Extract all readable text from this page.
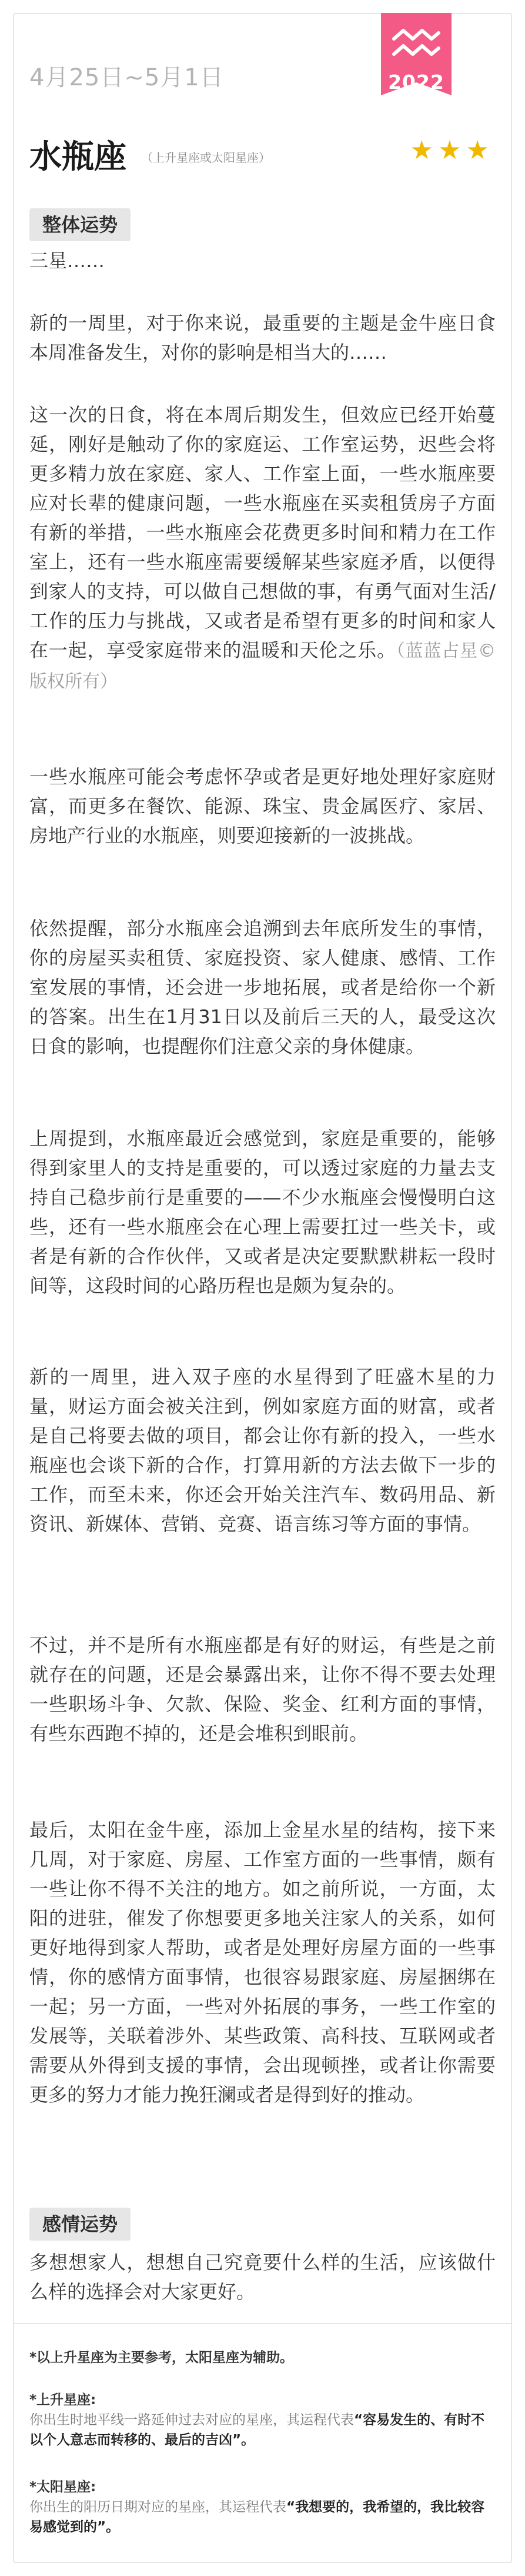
2022
4月25日~5月1日
水瓶座 （上升星座或太阳星座）	★★★
整体运势
三星……
新的一周里，对于你来说，最重要的主题是金牛座日食本周准备发生，对你的影响是相当大的……
这一次的日食，将在本周后期发生，但效应已经开始蔓延，刚好是触动了你的家庭运、工作室运势，迟些会将更多精力放在家庭、家人、工作室上面，一些水瓶座要应对长辈的健康问题，一些水瓶座在买卖租赁房子方面有新的举措，一些水瓶座会花费更多时间和精力在工作室上，还有一些水瓶座需要缓解某些家庭矛盾，以便得到家人的支持，可以做自己想做的事，有勇气面对生活/工作的压力与挑战，又或者是希望有更多的时间和家人在一起，享受家庭带来的温暖和天伦之乐。（蓝蓝占星©版权所有）
一些水瓶座可能会考虑怀孕或者是更好地处理好家庭财富，而更多在餐饮、能源、珠宝、贵金属医疗、家居、房地产行业的水瓶座，则要迎接新的一波挑战。
依然提醒，部分水瓶座会追溯到去年底所发生的事情，你的房屋买卖租赁、家庭投资、家人健康、感情、工作室发展的事情，还会进一步地拓展，或者是给你一个新的答案。出生在1月31日以及前后三天的人，最受这次日食的影响，也提醒你们注意父亲的身体健康。
上周提到，水瓶座最近会感觉到，家庭是重要的，能够得到家里人的支持是重要的，可以透过家庭的力量去支持自己稳步前行是重要的——不少水瓶座会慢慢明白这些，还有一些水瓶座会在心理上需要扛过一些关卡，或者是有新的合作伙伴，又或者是决定要默默耕耘一段时间等，这段时间的心路历程也是颇为复杂的。
新的一周里，进入双子座的水星得到了旺盛木星的力量，财运方面会被关注到，例如家庭方面的财富，或者是自己将要去做的项目，都会让你有新的投入，一些水瓶座也会谈下新的合作，打算用新的方法去做下一步的工作，而至未来，你还会开始关注汽车、数码用品、新资讯、新媒体、营销、竞赛、语言练习等方面的事情。
不过，并不是所有水瓶座都是有好的财运，有些是之前就存在的问题，还是会暴露出来，让你不得不要去处理一些职场斗争、欠款、保险、奖金、红利方面的事情，有些东西跑不掉的，还是会堆积到眼前。
最后，太阳在金牛座，添加上金星水星的结构，接下来几周，对于家庭、房屋、工作室方面的一些事情，颇有一些让你不得不关注的地方。如之前所说，一方面，太阳的进驻，催发了你想要更多地关注家人的关系，如何更好地得到家人帮助，或者是处理好房屋方面的一些事情，你的感情方面事情，也很容易跟家庭、房屋捆绑在一起；另一方面，一些对外拓展的事务，一些工作室的发展等，关联着涉外、某些政策、高科技、互联网或者需要从外得到支援的事情，会出现顿挫，或者让你需要更多的努力才能力挽狂澜或者是得到好的推动。
感情运势
多想想家人，想想自己究竟要什么样的生活，应该做什么样的选择会对大家更好。
*以上升星座为主要参考，太阳星座为辅助。
*上升星座:
你出生时地平线一路延伸过去对应的星座，其运程代表“容易发生的、有时不以个人意志而转移的、最后的吉凶”。
*太阳星座:
你出生的阳历日期对应的星座，其运程代表“我想要的，我希望的，我比较容易感觉到的”。
